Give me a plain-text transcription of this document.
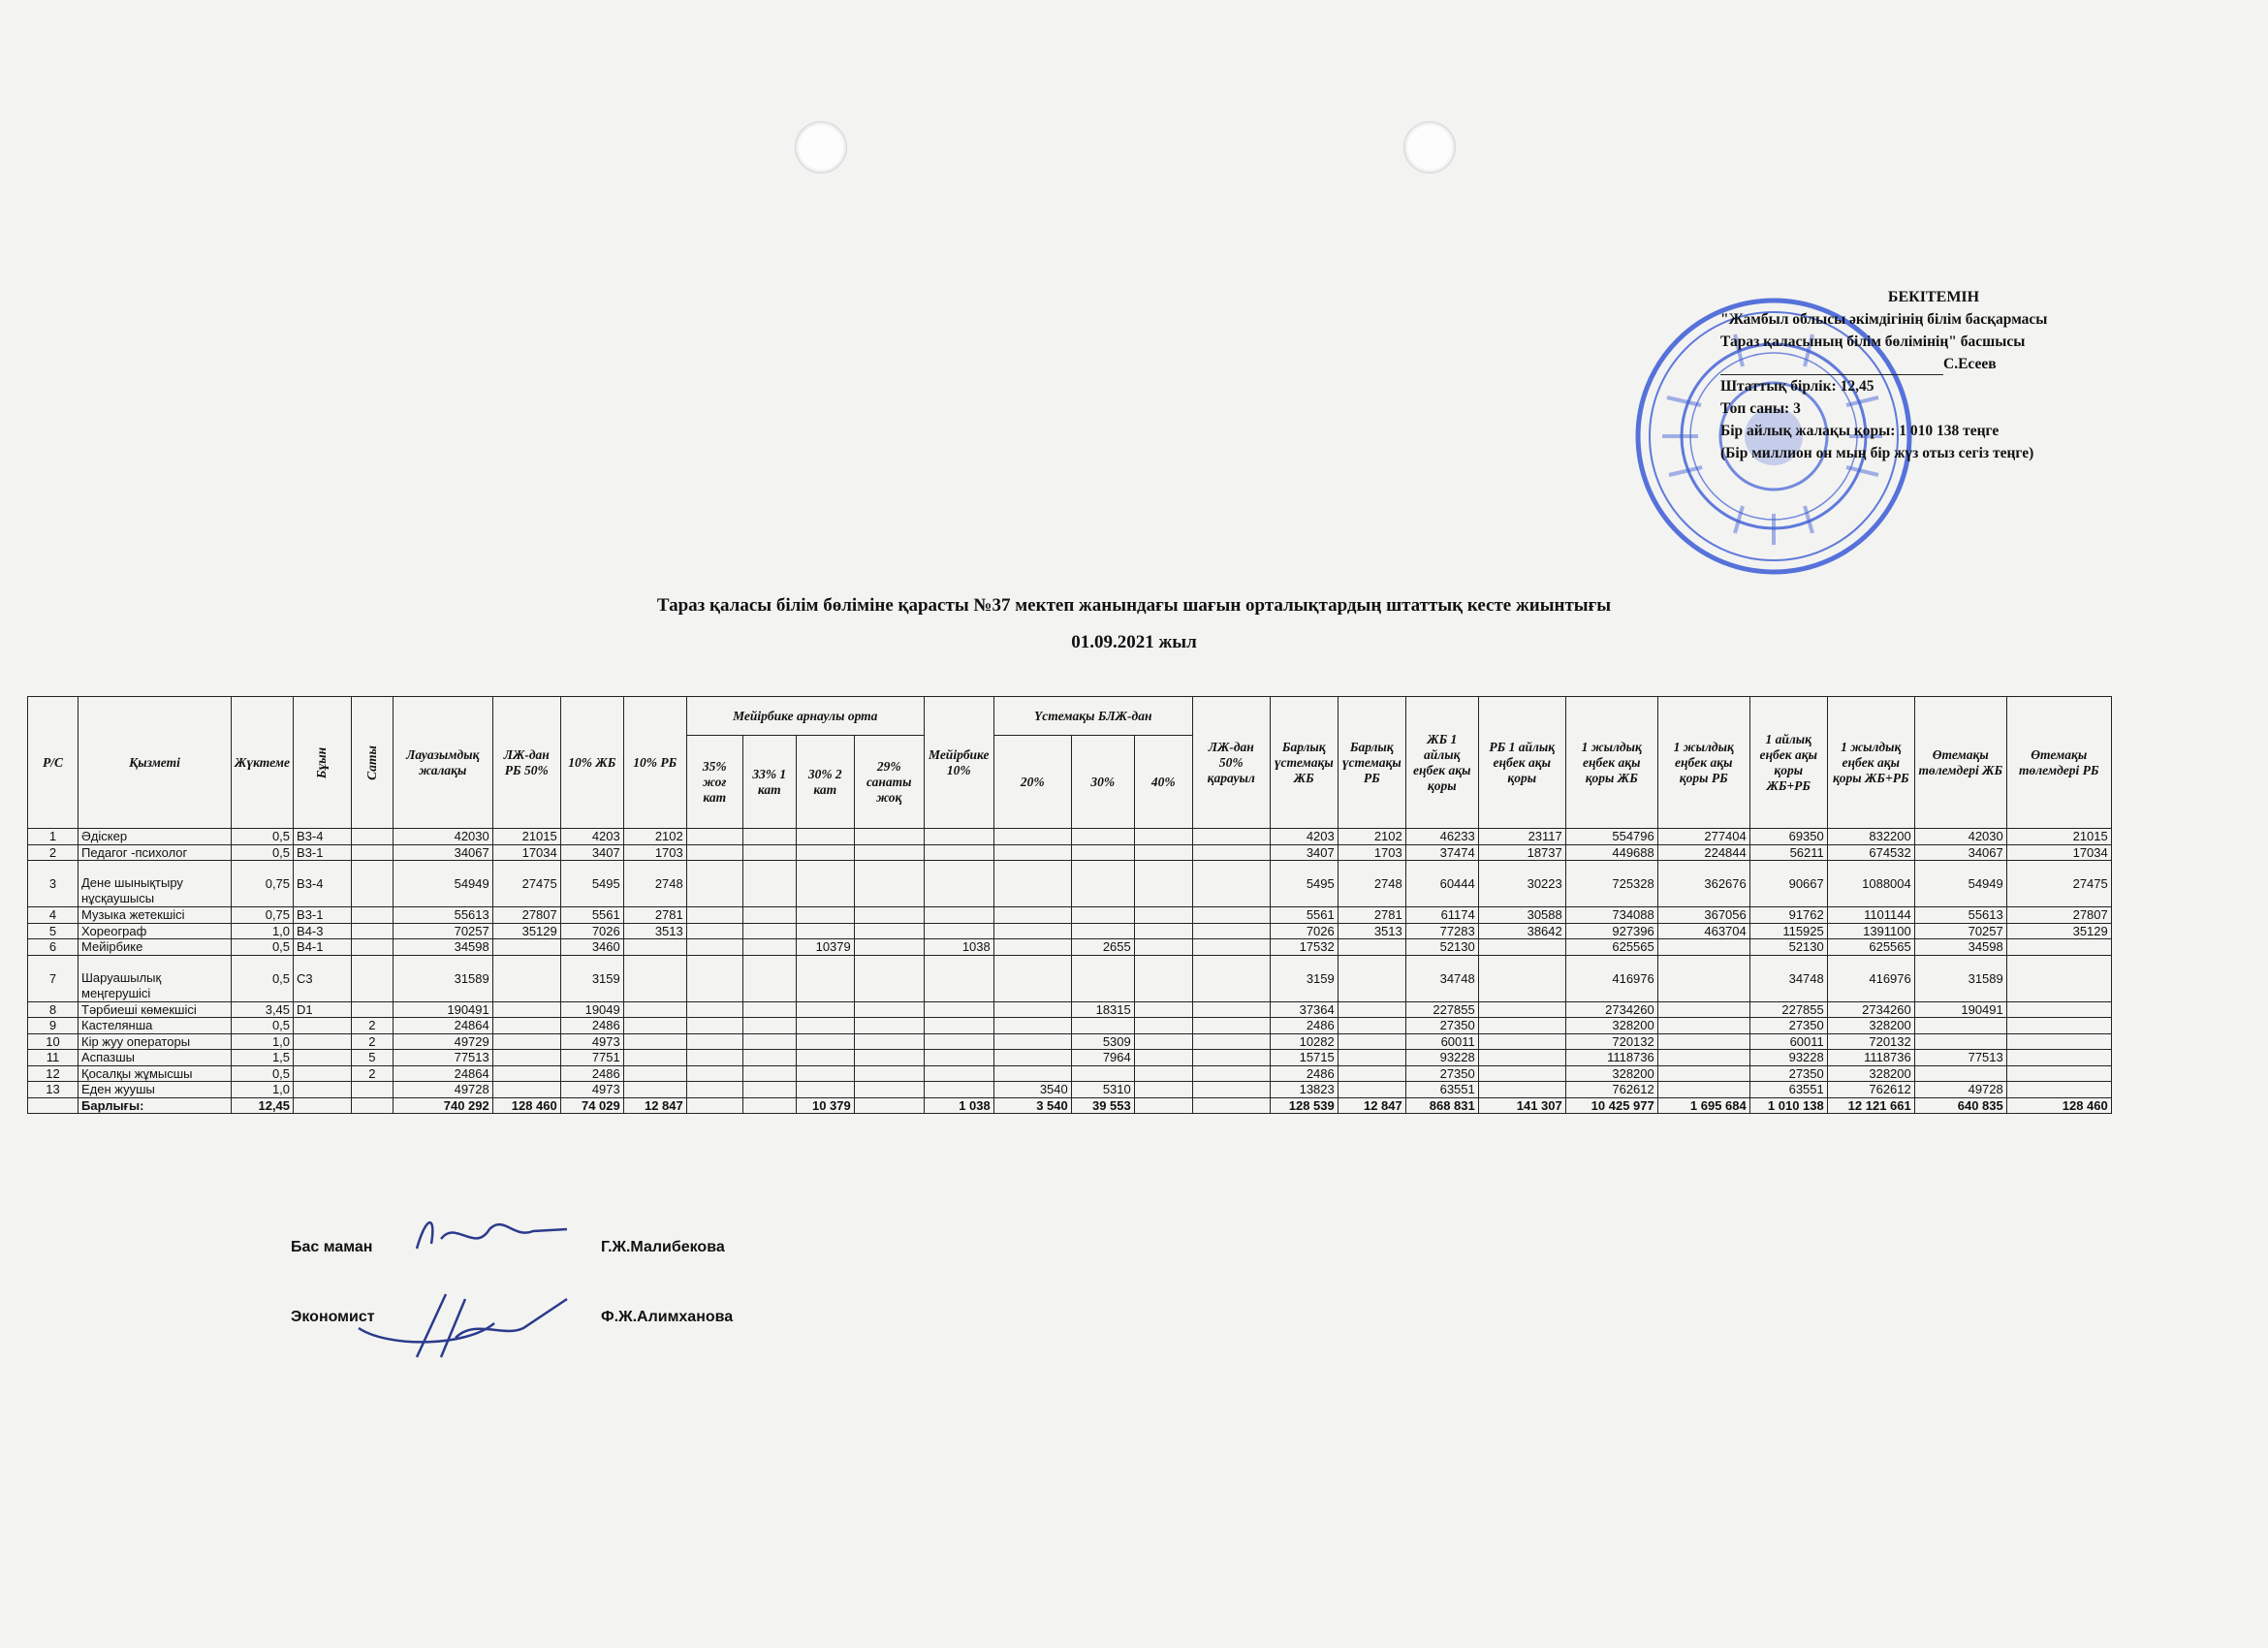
БЕКІТЕМІН
"Жамбыл облысы әкімдігінің білім басқармасы
Тараз қаласының білім бөлімінің" басшысы
С.Есеев
Штаттық бірлік: 12,45
Топ саны: 3
Бір айлық жалақы қоры: 1 010 138 теңге
(Бір миллион он мың бір жүз отыз сегіз теңге)
Тараз қаласы білім бөліміне қарасты №37 мектеп жанындағы шағын орталықтардың штаттық кесте жиынтығы
01.09.2021 жыл
Р/С	Қызметі	Жүктеме	Бұын	Саты	Лауазымдық жалақы	ЛЖ-дан РБ 50%	10% ЖБ	10% РБ	Мейірбике арнаулы орта				Мейірбике 10%	Үстемақы БЛЖ-дан			ЛЖ-дан 50% қарауыл	Барлық үстемақы ЖБ	Барлық үстемақы РБ	ЖБ 1 айлық еңбек ақы қоры	РБ 1 айлық еңбек ақы қоры	1 жылдық еңбек ақы қоры ЖБ	1 жылдық еңбек ақы қоры РБ	1 айлық еңбек ақы қоры ЖБ+РБ	1 жылдық еңбек ақы қоры ЖБ+РБ	Өтемақы төлемдері ЖБ	Өтемақы төлемдері РБ
									35% жоғ кат	33% 1 кат	30% 2 кат	29% санаты жоқ		20%	30%	40%											
1	Әдіскер	0,5	В3-4		42030	21015	4203	2102										4203	2102	46233	23117	554796	277404	69350	832200	42030	21015
2	Педагог -психолог	0,5	В3-1		34067	17034	3407	1703										3407	1703	37474	18737	449688	224844	56211	674532	34067	17034
3	Дене шынықтыру нұсқаушысы	0,75	В3-4		54949	27475	5495	2748										5495	2748	60444	30223	725328	362676	90667	1088004	54949	27475
4	Музыка жетекшісі	0,75	В3-1		55613	27807	5561	2781										5561	2781	61174	30588	734088	367056	91762	1101144	55613	27807
5	Хореограф	1,0	В4-3		70257	35129	7026	3513										7026	3513	77283	38642	927396	463704	115925	1391100	70257	35129
6	Мейірбике	0,5	В4-1		34598		3460				10379		1038		2655			17532		52130		625565		52130	625565	34598	
7	Шаруашылық меңгерушісі	0,5	С3		31589		3159											3159		34748		416976		34748	416976	31589	
8	Тәрбиеші көмекшісі	3,45	D1		190491		19049								18315			37364		227855		2734260		227855	2734260	190491	
9	Кастелянша	0,5		2	24864		2486											2486		27350		328200		27350	328200		
10	Кір жуу операторы	1,0		2	49729		4973								5309			10282		60011		720132		60011	720132		
11	Аспазшы	1,5		5	77513		7751								7964			15715		93228		1118736		93228	1118736	77513	
12	Қосалқы жұмысшы	0,5		2	24864		2486											2486		27350		328200		27350	328200		
13	Еден жуушы	1,0			49728		4973							3540	5310			13823		63551		762612		63551	762612	49728	
	Барлығы:	12,45			740 292	128 460	74 029	12 847			10 379		1 038	3 540	39 553			128 539	12 847	868 831	141 307	10 425 977	1 695 684	1 010 138	12 121 661	640 835	128 460
Бас маман	Г.Ж.Малибекова
Экономист	Ф.Ж.Алимханова
